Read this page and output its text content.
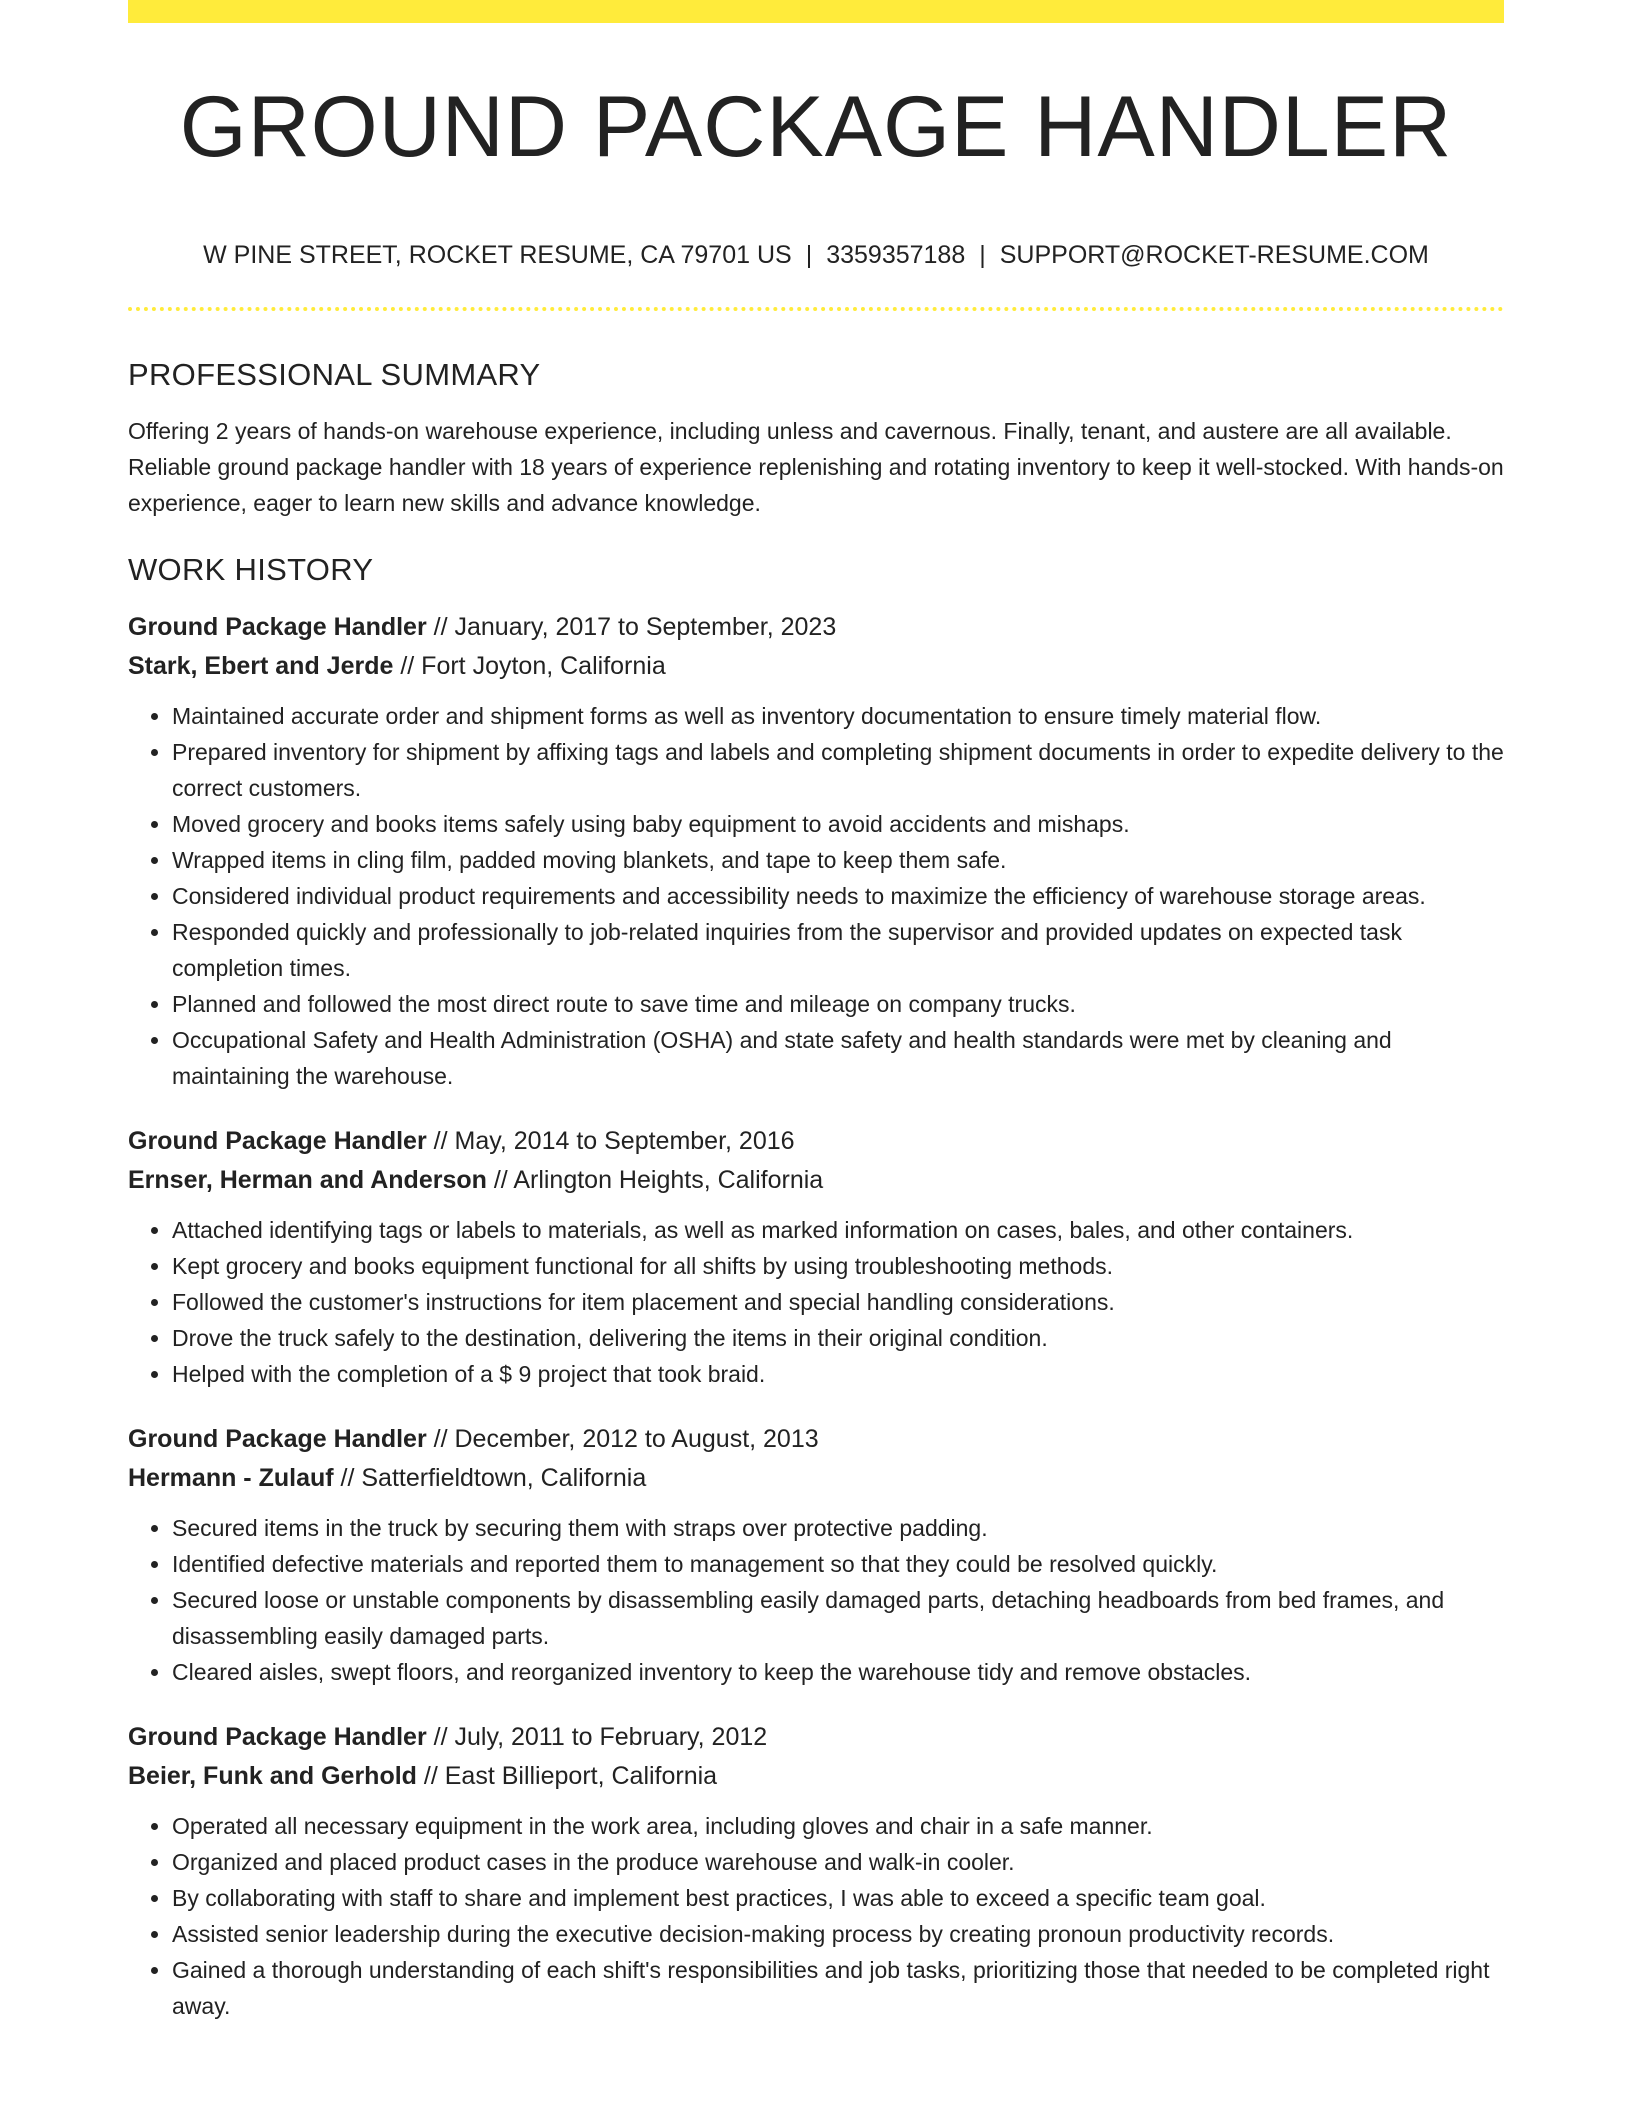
GROUND PACKAGE HANDLER
W PINE STREET, ROCKET RESUME, CA 79701 US | 3359357188 | SUPPORT@ROCKET-RESUME.COM
PROFESSIONAL SUMMARY

Offering 2 years of hands-on warehouse experience, including unless and cavernous. Finally, tenant, and austere are all available. Reliable ground package handler with 18 years of experience replenishing and rotating inventory to keep it well-stocked. With hands-on experience, eager to learn new skills and advance knowledge.

WORK HISTORY
Ground Package Handler // January, 2017 to September, 2023
Stark, Ebert and Jerde // Fort Joyton, California
• Maintained accurate order and shipment forms as well as inventory documentation to ensure timely material flow.
• Prepared inventory for shipment by affixing tags and labels and completing shipment documents in order to expedite delivery to the correct customers.
• Moved grocery and books items safely using baby equipment to avoid accidents and mishaps.
• Wrapped items in cling film, padded moving blankets, and tape to keep them safe.
• Considered individual product requirements and accessibility needs to maximize the efficiency of warehouse storage areas.
• Responded quickly and professionally to job-related inquiries from the supervisor and provided updates on expected task completion times.
• Planned and followed the most direct route to save time and mileage on company trucks.
• Occupational Safety and Health Administration (OSHA) and state safety and health standards were met by cleaning and maintaining the warehouse.
Ground Package Handler // May, 2014 to September, 2016
Ernser, Herman and Anderson // Arlington Heights, California
• Attached identifying tags or labels to materials, as well as marked information on cases, bales, and other containers.
• Kept grocery and books equipment functional for all shifts by using troubleshooting methods.
• Followed the customer's instructions for item placement and special handling considerations.
• Drove the truck safely to the destination, delivering the items in their original condition.
• Helped with the completion of a $ 9 project that took braid.
Ground Package Handler // December, 2012 to August, 2013
Hermann - Zulauf // Satterfieldtown, California
• Secured items in the truck by securing them with straps over protective padding.
• Identified defective materials and reported them to management so that they could be resolved quickly.
• Secured loose or unstable components by disassembling easily damaged parts, detaching headboards from bed frames, and disassembling easily damaged parts.
• Cleared aisles, swept floors, and reorganized inventory to keep the warehouse tidy and remove obstacles.
Ground Package Handler // July, 2011 to February, 2012
Beier, Funk and Gerhold // East Billieport, California
• Operated all necessary equipment in the work area, including gloves and chair in a safe manner.
• Organized and placed product cases in the produce warehouse and walk-in cooler.
• By collaborating with staff to share and implement best practices, I was able to exceed a specific team goal.
• Assisted senior leadership during the executive decision-making process by creating pronoun productivity records.
• Gained a thorough understanding of each shift's responsibilities and job tasks, prioritizing those that needed to be completed right away.
